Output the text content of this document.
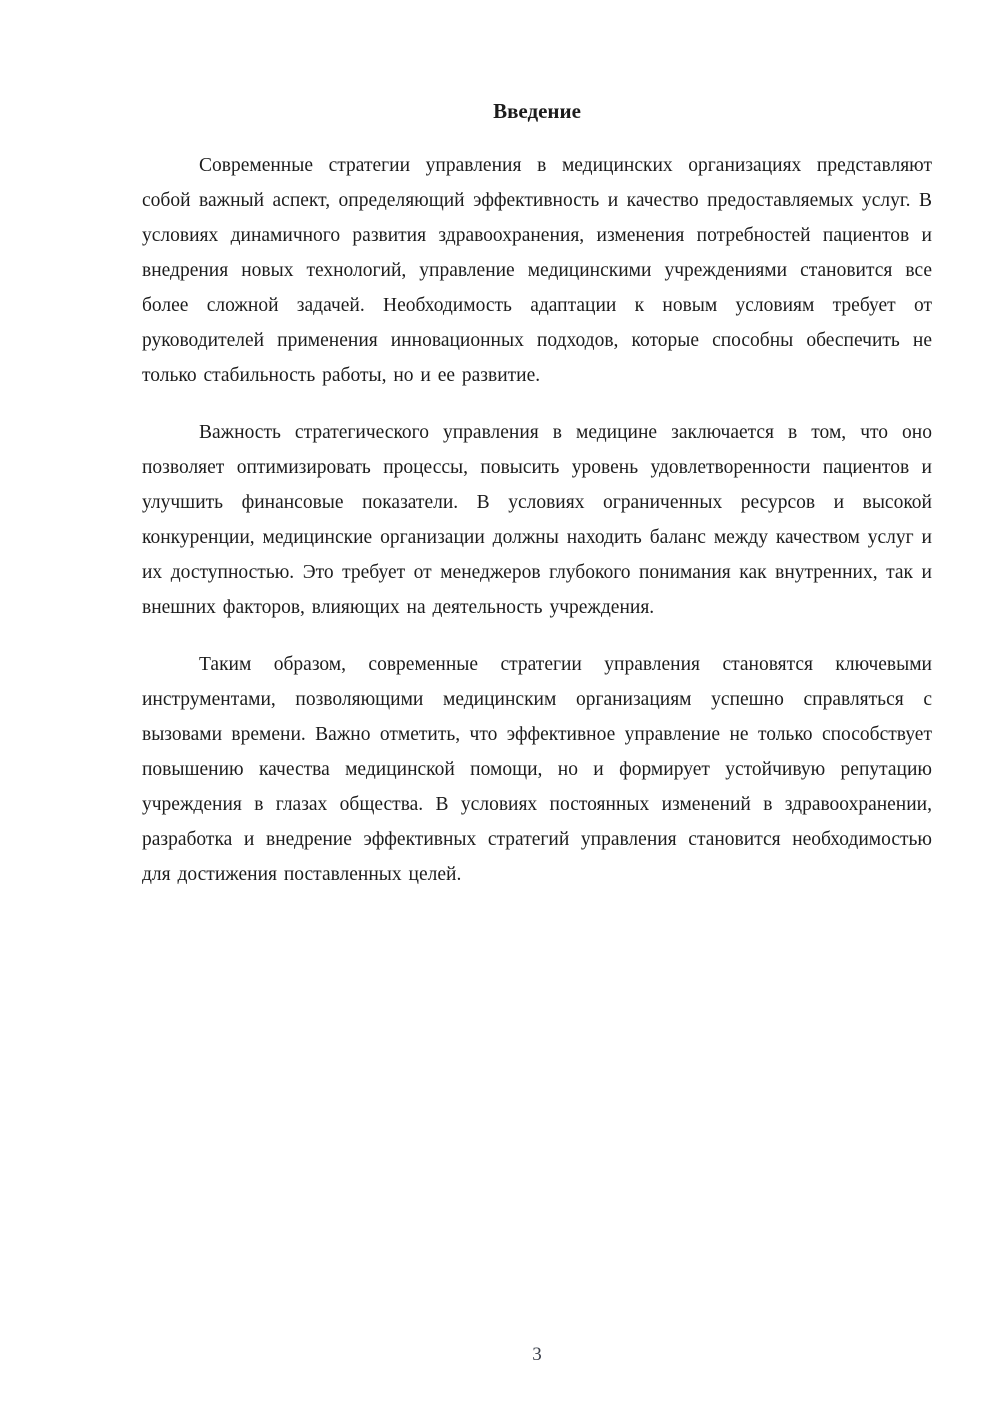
Введение

Современные стратегии управления в медицинских организациях представляют собой важный аспект, определяющий эффективность и качество предоставляемых услуг. В условиях динамичного развития здравоохранения, изменения потребностей пациентов и внедрения новых технологий, управление медицинскими учреждениями становится все более сложной задачей. Необходимость адаптации к новым условиям требует от руководителей применения инновационных подходов, которые способны обеспечить не только стабильность работы, но и ее развитие.

Важность стратегического управления в медицине заключается в том, что оно позволяет оптимизировать процессы, повысить уровень удовлетворенности пациентов и улучшить финансовые показатели. В условиях ограниченных ресурсов и высокой конкуренции, медицинские организации должны находить баланс между качеством услуг и их доступностью. Это требует от менеджеров глубокого понимания как внутренних, так и внешних факторов, влияющих на деятельность учреждения.

Таким образом, современные стратегии управления становятся ключевыми инструментами, позволяющими медицинским организациям успешно справляться с вызовами времени. Важно отметить, что эффективное управление не только способствует повышению качества медицинской помощи, но и формирует устойчивую репутацию учреждения в глазах общества. В условиях постоянных изменений в здравоохранении, разработка и внедрение эффективных стратегий управления становится необходимостью для достижения поставленных целей.

3
